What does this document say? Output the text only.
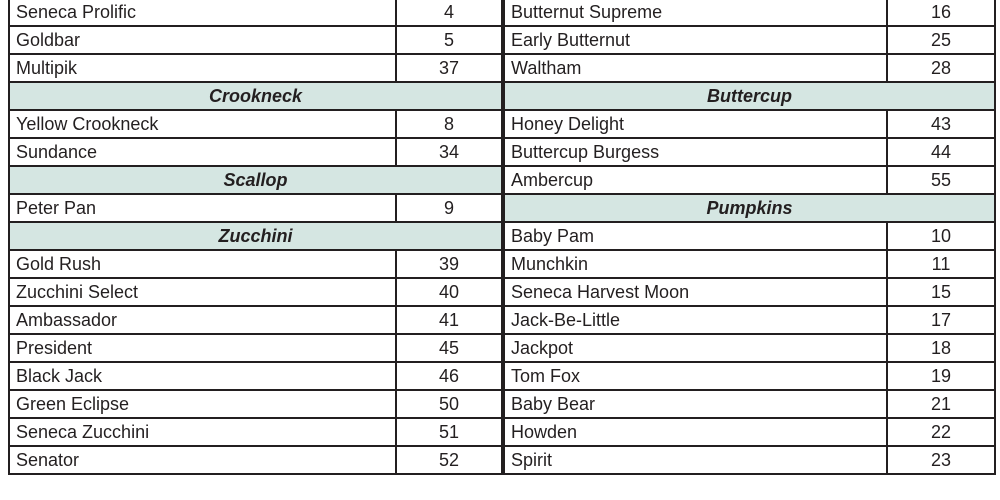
Seneca Prolific	4
Goldbar	5
Multipik	37
Crookneck	
Yellow Crookneck	8
Sundance	34
Scallop	
Peter Pan	9
Zucchini	
Gold Rush	39
Zucchini Select	40
Ambassador	41
President	45
Black Jack	46
Green Eclipse	50
Seneca Zucchini	51
Senator	52
Butternut Supreme	16
Early Butternut	25
Waltham	28
Buttercup	
Honey Delight	43
Buttercup Burgess	44
Ambercup	55
Pumpkins	
Baby Pam	10
Munchkin	11
Seneca Harvest Moon	15
Jack-Be-Little	17
Jackpot	18
Tom Fox	19
Baby Bear	21
Howden	22
Spirit	23
